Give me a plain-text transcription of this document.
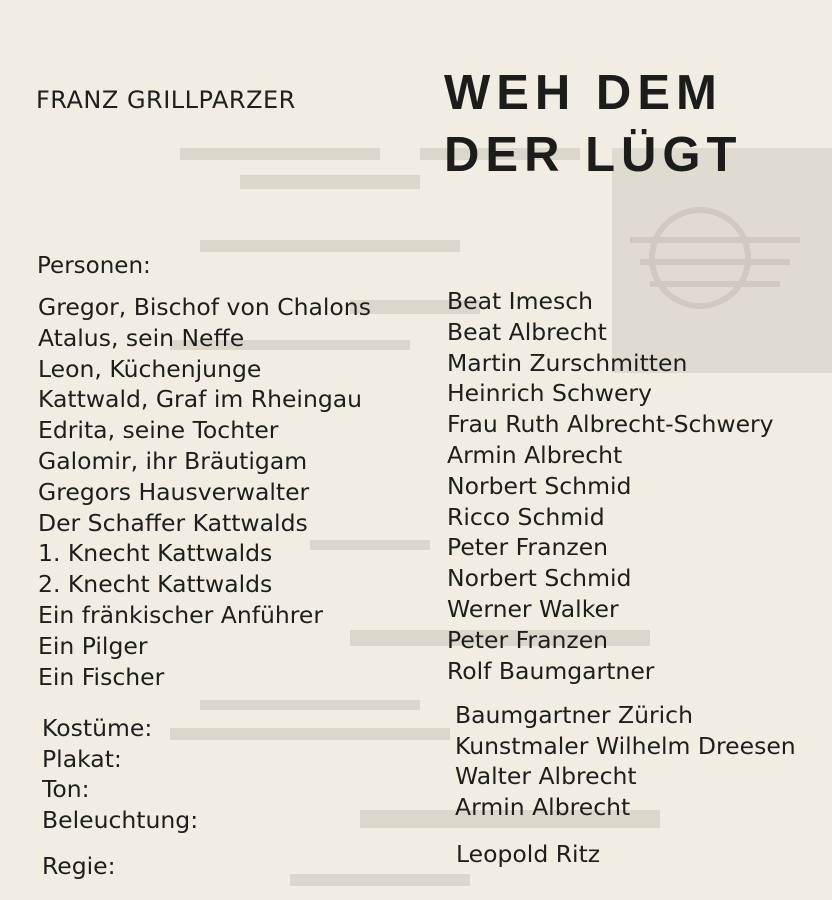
FRANZ GRILLPARZER	WEH DEM
DER LÜGT
Personen:
Gregor, Bischof von Chalons
Atalus, sein Neffe
Leon, Küchenjunge
Kattwald, Graf im Rheingau
Edrita, seine Tochter
Galomir, ihr Bräutigam
Gregors Hausverwalter
Der Schaffer Kattwalds
1. Knecht Kattwalds
2. Knecht Kattwalds
Ein fränkischer Anführer
Ein Pilger
Ein Fischer
Beat Imesch
Beat Albrecht
Martin Zurschmitten
Heinrich Schwery
Frau Ruth Albrecht-Schwery
Armin Albrecht
Norbert Schmid
Ricco Schmid
Peter Franzen
Norbert Schmid
Werner Walker
Peter Franzen
Rolf Baumgartner
Kostüme:
Plakat:
Ton:
Beleuchtung:
Baumgartner Zürich
Kunstmaler Wilhelm Dreesen
Walter Albrecht
Armin Albrecht
Regie:	Leopold Ritz
